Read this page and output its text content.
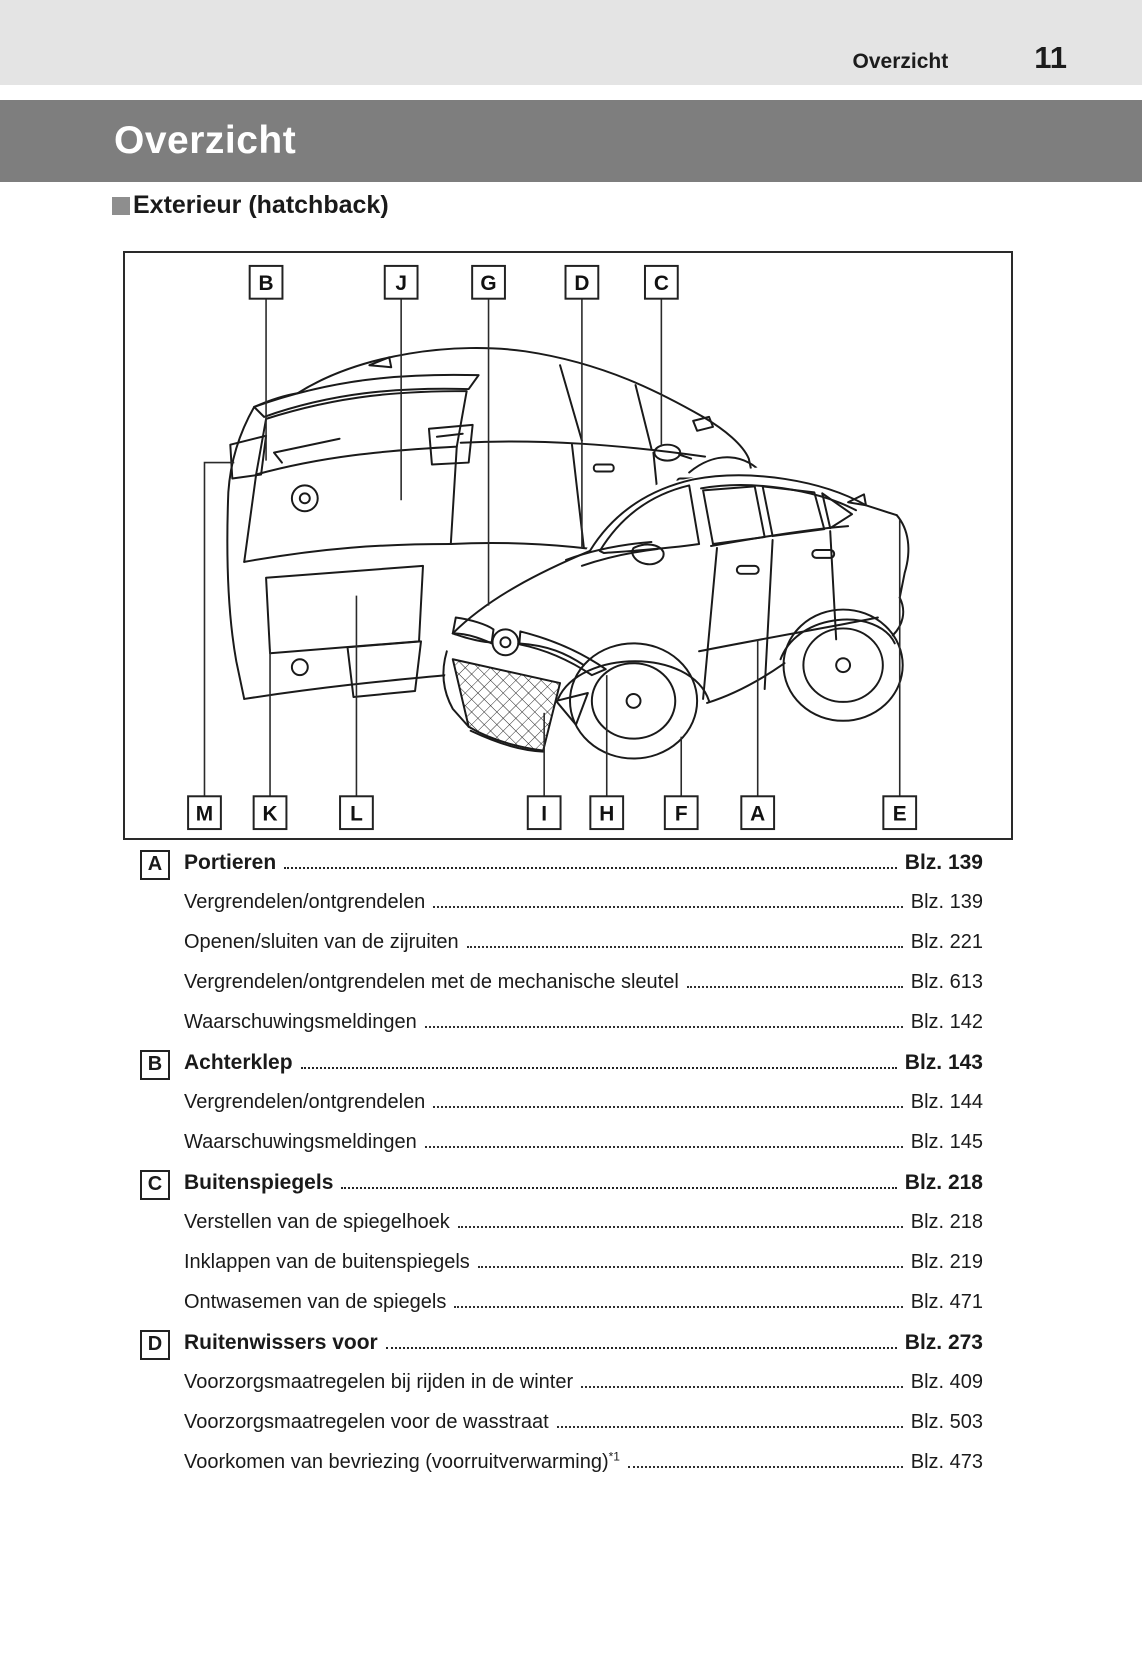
Overzicht	11
Overzicht
Exterieur (hatchback)
B	J	G	D	C
M K	L	I H	F	A	E
A	Portieren	Blz. 139
Vergrendelen/ontgrendelen	Blz. 139
Openen/sluiten van de zijruiten	Blz. 221
Vergrendelen/ontgrendelen met de mechanische sleutel	Blz. 613
Waarschuwingsmeldingen	Blz. 142
B	Achterklep	Blz. 143
Vergrendelen/ontgrendelen	Blz. 144
Waarschuwingsmeldingen	Blz. 145
C	Buitenspiegels	Blz. 218
Verstellen van de spiegelhoek	Blz. 218
Inklappen van de buitenspiegels	Blz. 219
Ontwasemen van de spiegels	Blz. 471
D	Ruitenwissers voor	Blz. 273
Voorzorgsmaatregelen bij rijden in de winter	Blz. 409
Voorzorgsmaatregelen voor de wasstraat	Blz. 503
Voorkomen van bevriezing (voorruitverwarming)$^{*1}$	Blz. 473
